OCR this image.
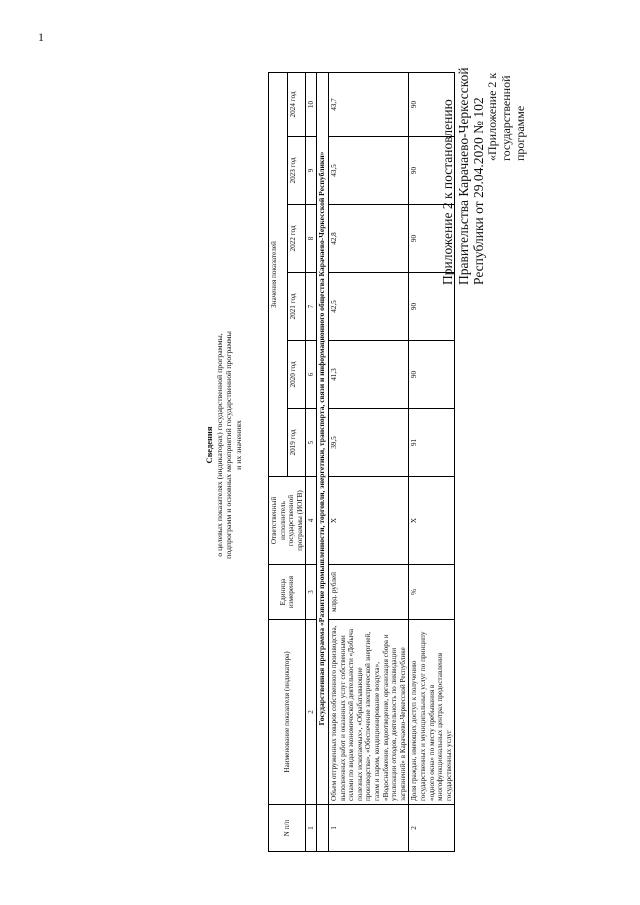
1
Приложение 2 к постановлению Правительства Карачаево-Черкесской Республики от 29.04.2020 № 102 «Приложение 2 к государственной программе
Сведения о целевых показателях (индикаторах) государственной программы, подпрограмм и основных мероприятий государственной программы и их значениях
N п/п	Наименование показателя (индикатора)	Единица измерения	Ответственный исполнитель государственной программы (ИОГВ)	Значения показателей					
				2019 год	2020 год	2021 год	2022 год	2023 год	2024 год
1	2	3	4	5	6	7	8	9	10
	Государственная программа «Развитие промышленности, торговли, энергетики, транспорта, связи и информационного общества Карачаево-Черкесской Республики»								
1	Объем отгруженных товаров собственного производства, выполненных работ и оказанных услуг собственными силами по видам экономической деятельности «Добыча полезных ископаемых», «Обрабатывающие производства», «Обеспечение электрической энергией, газом и паром, кондиционирование воздуха», «Водоснабжение, водоотведение, организация сбора и утилизации отходов, деятельность по ликвидации загрязнений» в Карачаево-Черкесской Республике	млрд. рублей	X	39,5	41,3	42,5	42,8	43,5	43,7
2	Доля граждан, имеющих доступ к получению государственных и муниципальных услуг по принципу «одного окна» по месту пребывания в многофункциональных центрах предоставления государственных услуг	%	X	91	90	90	90	90	90
